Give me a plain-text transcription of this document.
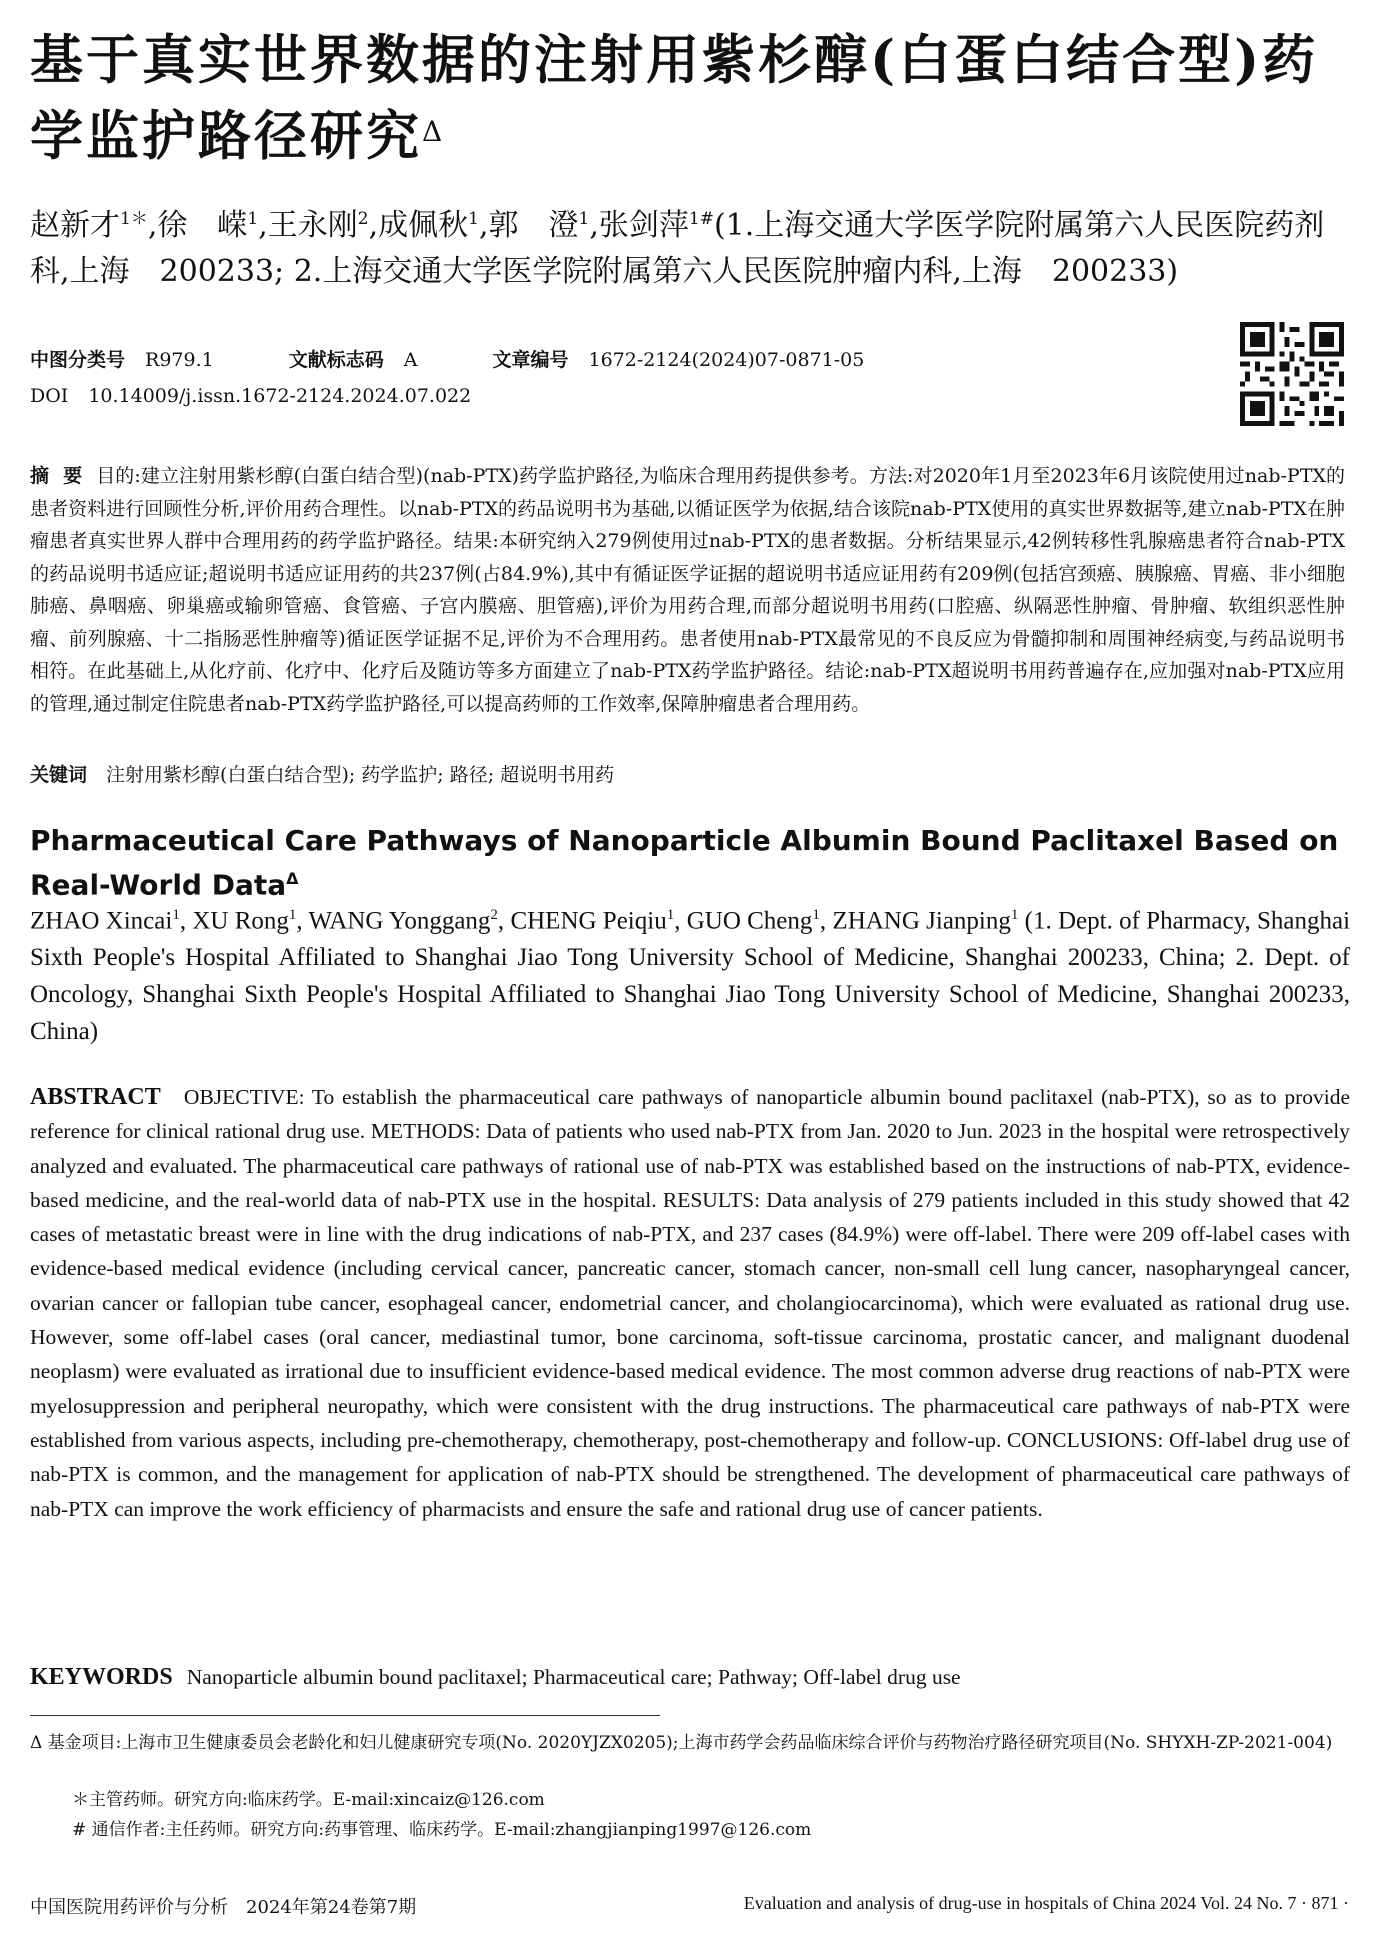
基于真实世界数据的注射用紫杉醇(白蛋白结合型)药学监护路径研究$^\Delta$
赵新才$^{1*}$,徐　嵘$^1$,王永刚$^2$,成佩秋$^1$,郭　澄$^1$,张剑萍$^{1\#}$(1.上海交通大学医学院附属第六人民医院药剂科,上海　200233; 2.上海交通大学医学院附属第六人民医院肿瘤内科,上海　200233)
中图分类号 R979.1	文献标志码 A	文章编号 1672-2124(2024)07-0871-05
DOI 10.14009/j.issn.1672-2124.2024.07.022
摘要目的:建立注射用紫杉醇(白蛋白结合型)(nab-PTX)药学监护路径,为临床合理用药提供参考。方法:对2020年1月至2023年6月该院使用过nab-PTX的患者资料进行回顾性分析,评价用药合理性。以nab-PTX的药品说明书为基础,以循证医学为依据,结合该院nab-PTX使用的真实世界数据等,建立nab-PTX在肿瘤患者真实世界人群中合理用药的药学监护路径。结果:本研究纳入279例使用过nab-PTX的患者数据。分析结果显示,42例转移性乳腺癌患者符合nab-PTX的药品说明书适应证;超说明书适应证用药的共237例(占84.9%),其中有循证医学证据的超说明书适应证用药有209例(包括宫颈癌、胰腺癌、胃癌、非小细胞肺癌、鼻咽癌、卵巢癌或输卵管癌、食管癌、子宫内膜癌、胆管癌),评价为用药合理,而部分超说明书用药(口腔癌、纵隔恶性肿瘤、骨肿瘤、软组织恶性肿瘤、前列腺癌、十二指肠恶性肿瘤等)循证医学证据不足,评价为不合理用药。患者使用nab-PTX最常见的不良反应为骨髓抑制和周围神经病变,与药品说明书相符。在此基础上,从化疗前、化疗中、化疗后及随访等多方面建立了nab-PTX药学监护路径。结论:nab-PTX超说明书用药普遍存在,应加强对nab-PTX应用的管理,通过制定住院患者nab-PTX药学监护路径,可以提高药师的工作效率,保障肿瘤患者合理用药。
关键词　 注射用紫杉醇(白蛋白结合型); 药学监护; 路径; 超说明书用药
Pharmaceutical Care Pathways of Nanoparticle Albumin Bound Paclitaxel Based on Real-World Data$^\Delta$
ZHAO Xincai$^1$, XU Rong$^1$, WANG Yonggang$^2$, CHENG Peiqiu$^1$, GUO Cheng$^1$, ZHANG Jianping$^1$ (1. Dept. of Pharmacy, Shanghai Sixth People's Hospital Affiliated to Shanghai Jiao Tong University School of Medicine, Shanghai 200233, China; 2. Dept. of Oncology, Shanghai Sixth People's Hospital Affiliated to Shanghai Jiao Tong University School of Medicine, Shanghai 200233, China)
ABSTRACT OBJECTIVE: To establish the pharmaceutical care pathways of nanoparticle albumin bound paclitaxel (nab-PTX), so as to provide reference for clinical rational drug use. METHODS: Data of patients who used nab-PTX from Jan. 2020 to Jun. 2023 in the hospital were retrospectively analyzed and evaluated. The pharmaceutical care pathways of rational use of nab-PTX was established based on the instructions of nab-PTX, evidence-based medicine, and the real-world data of nab-PTX use in the hospital. RESULTS: Data analysis of 279 patients included in this study showed that 42 cases of metastatic breast were in line with the drug indications of nab-PTX, and 237 cases (84.9%) were off-label. There were 209 off-label cases with evidence-based medical evidence (including cervical cancer, pancreatic cancer, stomach cancer, non-small cell lung cancer, nasopharyngeal cancer, ovarian cancer or fallopian tube cancer, esophageal cancer, endometrial cancer, and cholangiocarcinoma), which were evaluated as rational drug use. However, some off-label cases (oral cancer, mediastinal tumor, bone carcinoma, soft-tissue carcinoma, prostatic cancer, and malignant duodenal neoplasm) were evaluated as irrational due to insufficient evidence-based medical evidence. The most common adverse drug reactions of nab-PTX were myelosuppression and peripheral neuropathy, which were consistent with the drug instructions. The pharmaceutical care pathways of nab-PTX were established from various aspects, including pre-chemotherapy, chemotherapy, post-chemotherapy and follow-up. CONCLUSIONS: Off-label drug use of nab-PTX is common, and the management for application of nab-PTX should be strengthened. The development of pharmaceutical care pathways of nab-PTX can improve the work efficiency of pharmacists and ensure the safe and rational drug use of cancer patients.
KEYWORDS Nanoparticle albumin bound paclitaxel; Pharmaceutical care; Pathway; Off-label drug use
Δ 基金项目:上海市卫生健康委员会老龄化和妇儿健康研究专项(No. 2020YJZX0205);上海市药学会药品临床综合评价与药物治疗路径研究项目(No. SHYXH-ZP-2021-004)
＊主管药师。研究方向:临床药学。E-mail:xincaiz@126.com
# 通信作者:主任药师。研究方向:药事管理、临床药学。E-mail:zhangjianping1997@126.com
中国医院用药评价与分析　2024年第24卷第7期	Evaluation and analysis of drug-use in hospitals of China 2024 Vol. 24 No. 7 · 871 ·
